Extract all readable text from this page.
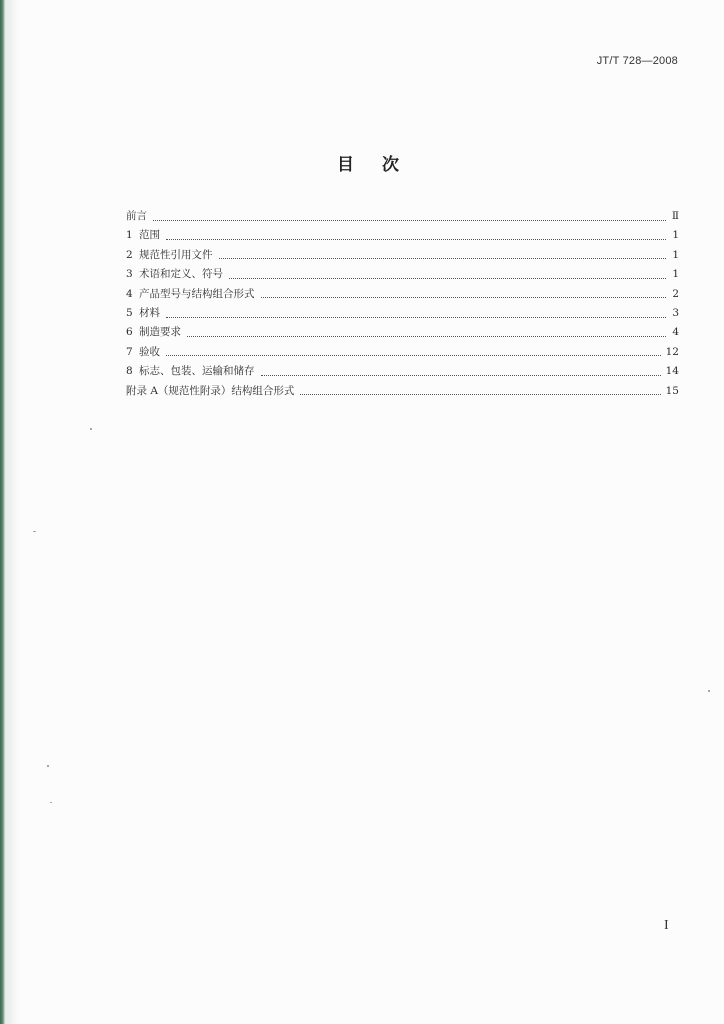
JT/T 728—2008
目次
前言	Ⅱ
1 范围	1
2 规范性引用文件	1
3 术语和定义、符号	1
4 产品型号与结构组合形式	2
5 材料	3
6 制造要求	4
7 验收	12
8 标志、包装、运输和储存	14
附录 A（规范性附录）结构组合形式	15
I
